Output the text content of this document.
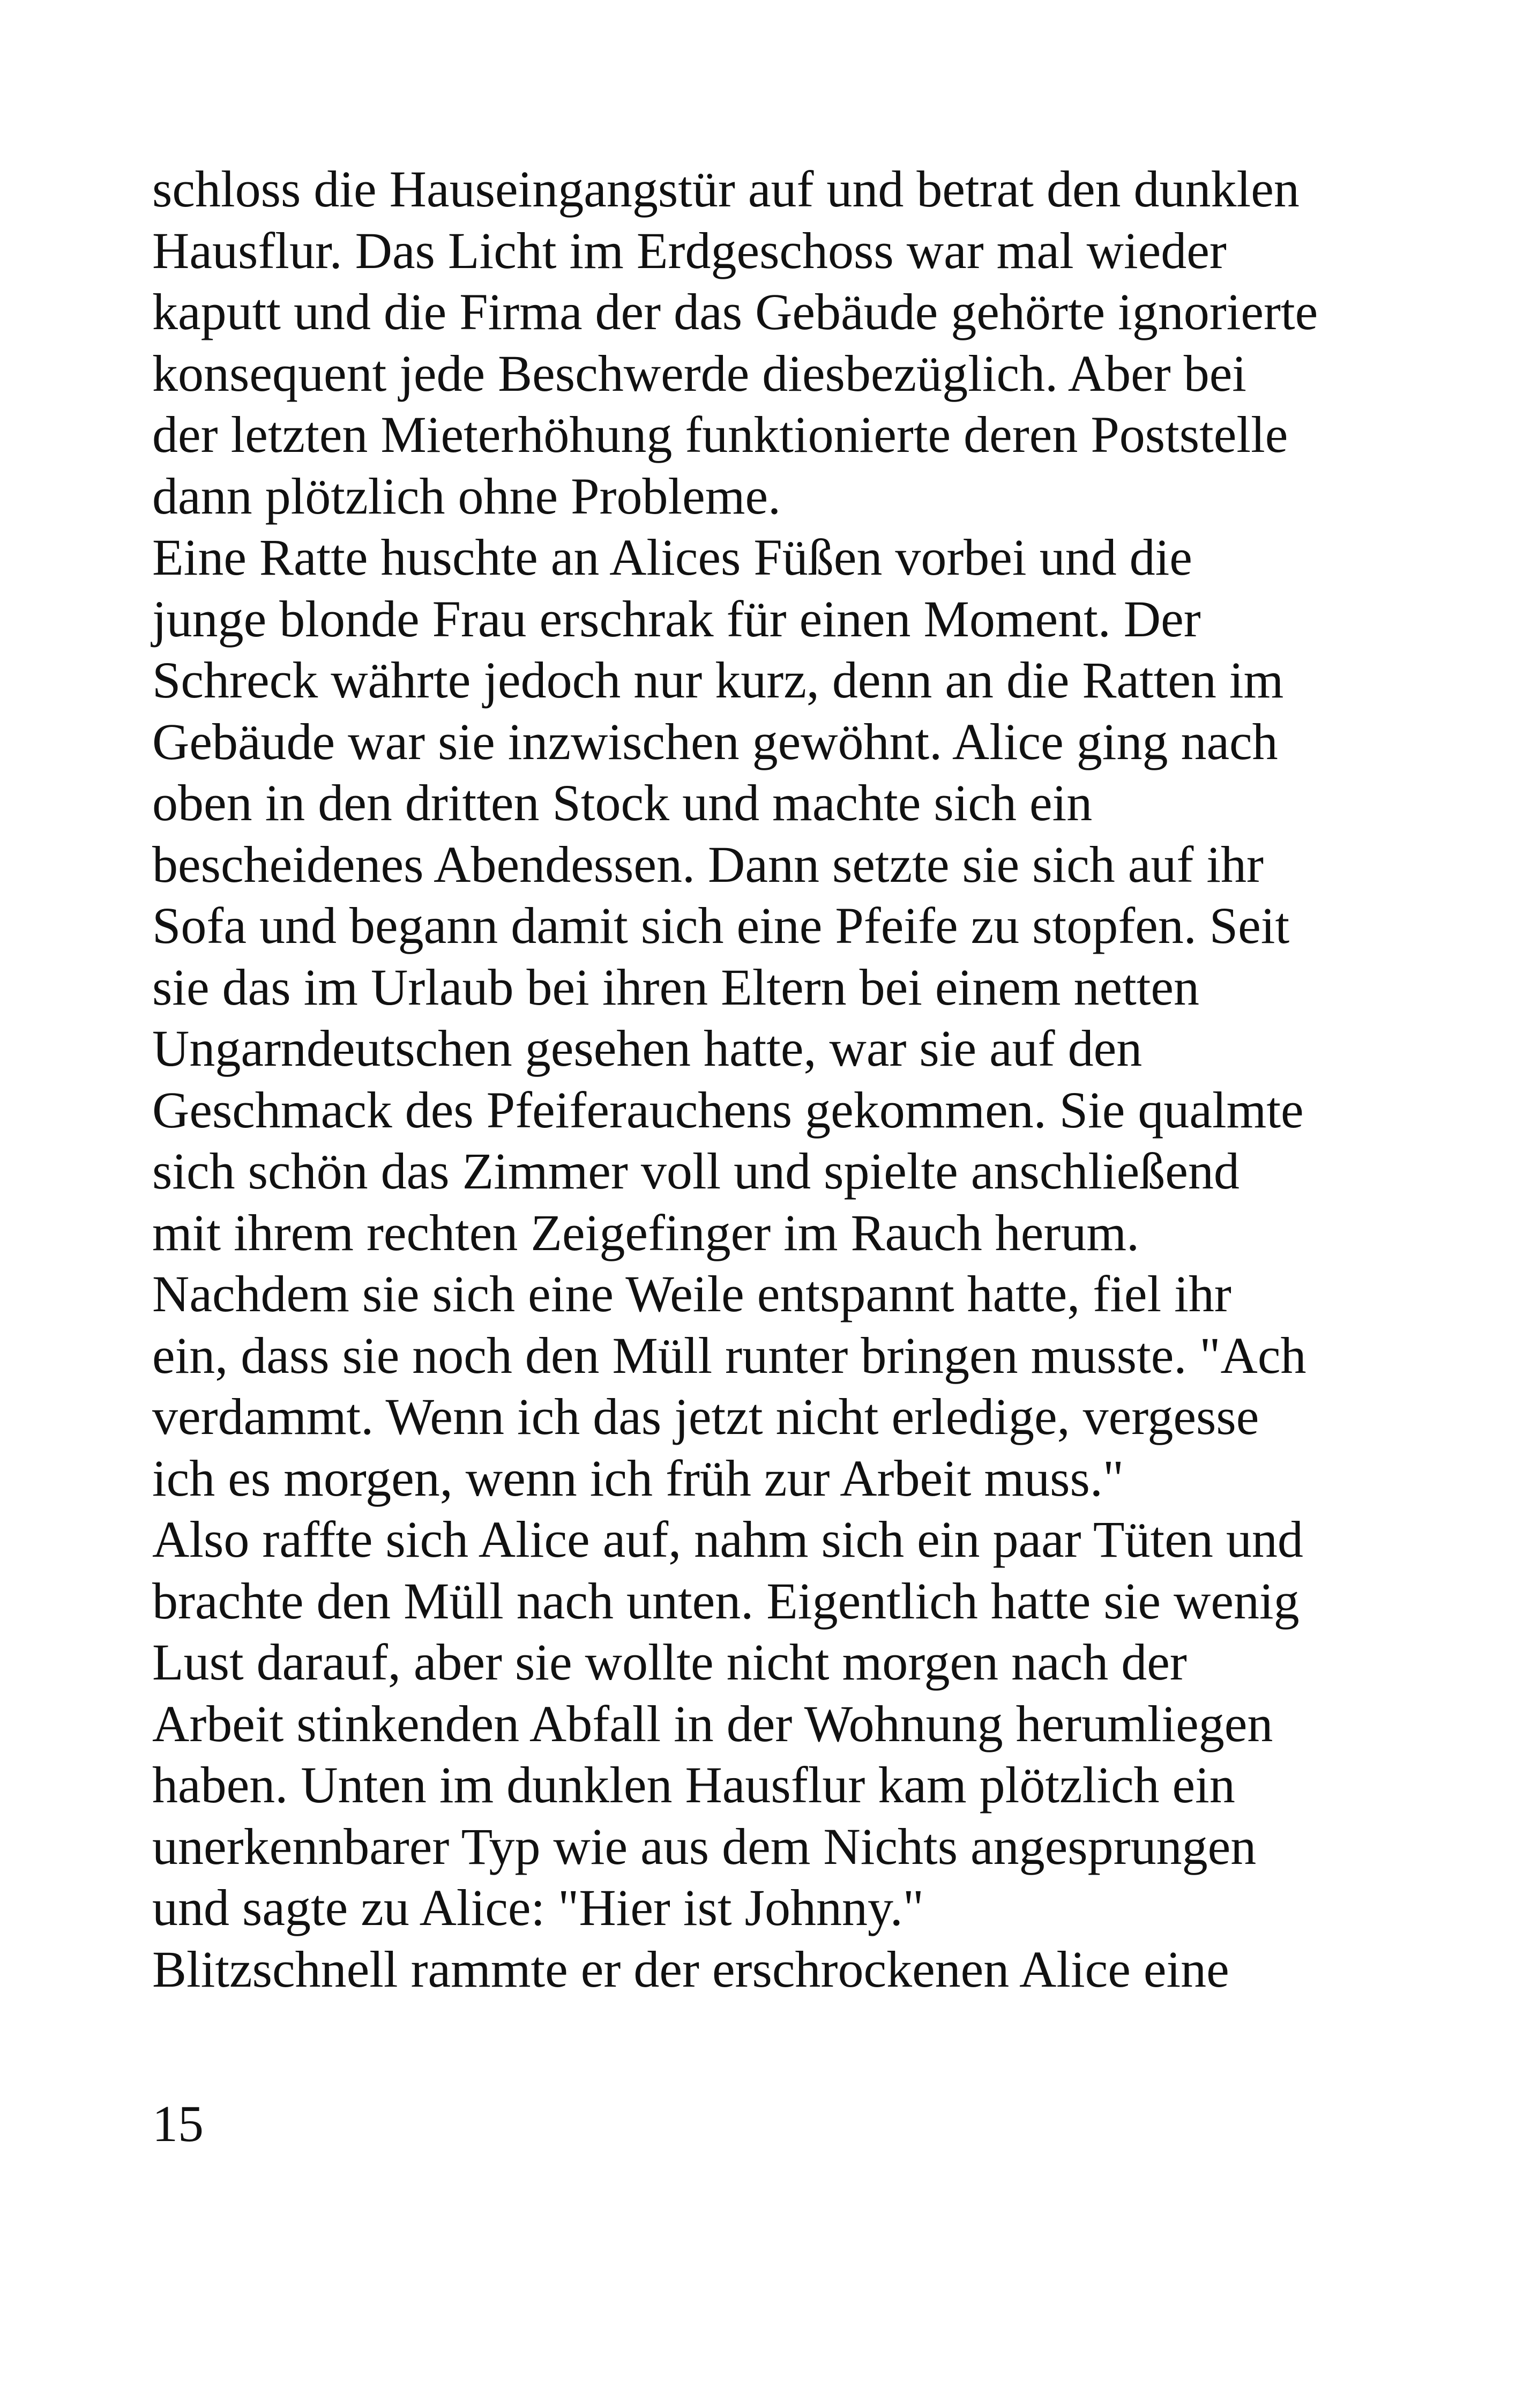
schloss die Hauseingangstür auf und betrat den dunklen
Hausflur. Das Licht im Erdgeschoss war mal wieder
kaputt und die Firma der das Gebäude gehörte ignorierte
konsequent jede Beschwerde diesbezüglich. Aber bei
der letzten Mieterhöhung funktionierte deren Poststelle
dann plötzlich ohne Probleme.
Eine Ratte huschte an Alices Füßen vorbei und die
junge blonde Frau erschrak für einen Moment. Der
Schreck währte jedoch nur kurz, denn an die Ratten im
Gebäude war sie inzwischen gewöhnt. Alice ging nach
oben in den dritten Stock und machte sich ein
bescheidenes Abendessen. Dann setzte sie sich auf ihr
Sofa und begann damit sich eine Pfeife zu stopfen. Seit
sie das im Urlaub bei ihren Eltern bei einem netten
Ungarndeutschen gesehen hatte, war sie auf den
Geschmack des Pfeiferauchens gekommen. Sie qualmte
sich schön das Zimmer voll und spielte anschließend
mit ihrem rechten Zeigefinger im Rauch herum.
Nachdem sie sich eine Weile entspannt hatte, fiel ihr
ein, dass sie noch den Müll runter bringen musste. "Ach
verdammt. Wenn ich das jetzt nicht erledige, vergesse
ich es morgen, wenn ich früh zur Arbeit muss."
Also raffte sich Alice auf, nahm sich ein paar Tüten und
brachte den Müll nach unten. Eigentlich hatte sie wenig
Lust darauf, aber sie wollte nicht morgen nach der
Arbeit stinkenden Abfall in der Wohnung herumliegen
haben. Unten im dunklen Hausflur kam plötzlich ein
unerkennbarer Typ wie aus dem Nichts angesprungen
und sagte zu Alice: "Hier ist Johnny."
Blitzschnell rammte er der erschrockenen Alice eine
15
